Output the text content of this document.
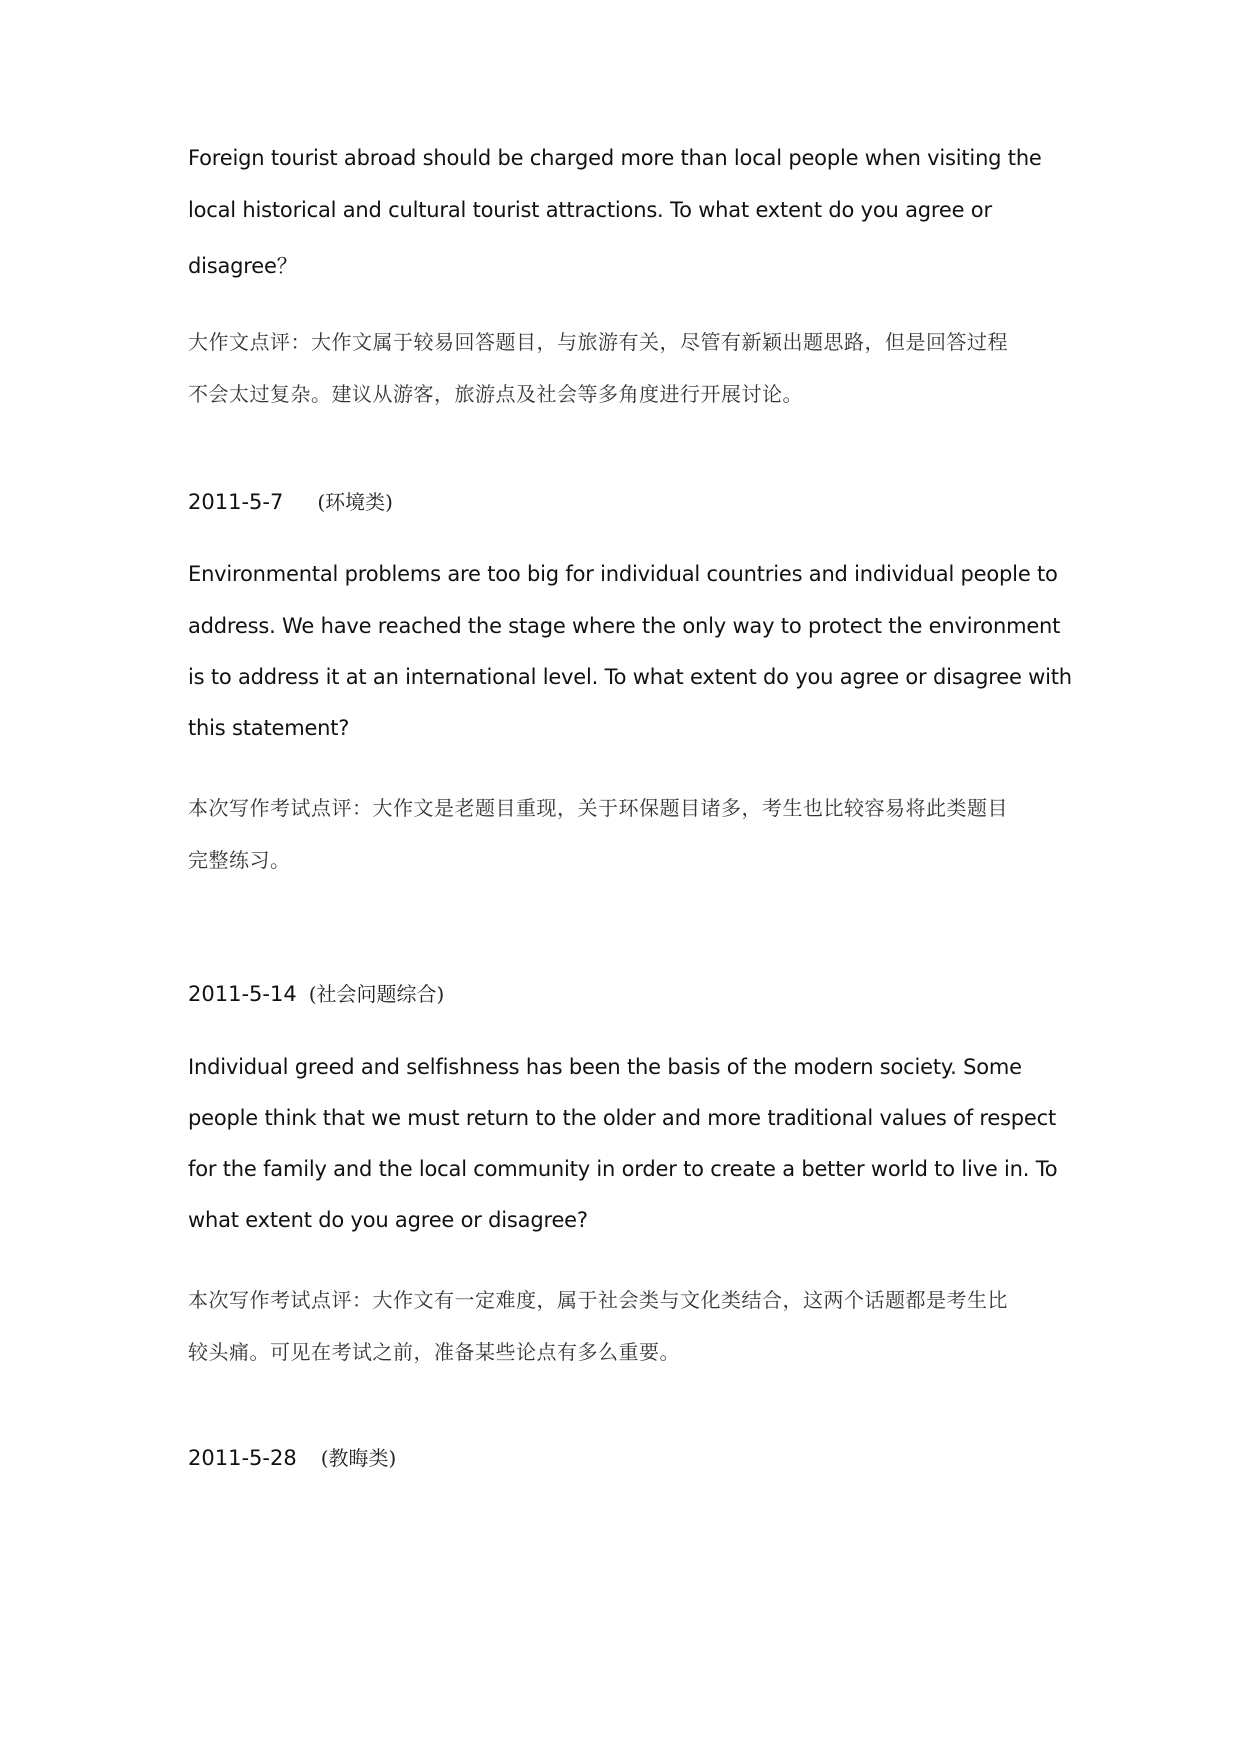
Foreign tourist abroad should be charged more than local people when visiting the
local historical and cultural tourist attractions. To what extent do you agree or
disagree？
大作文点评：大作文属于较易回答题目，与旅游有关，尽管有新颖出题思路，但是回答过程
不会太过复杂。建议从游客，旅游点及社会等多角度进行开展讨论。
2011-5-7 (环境类)
Environmental problems are too big for individual countries and individual people to
address. We have reached the stage where the only way to protect the environment
is to address it at an international level. To what extent do you agree or disagree with
this statement?
本次写作考试点评：大作文是老题目重现，关于环保题目诸多，考生也比较容易将此类题目
完整练习。
2011-5-14 (社会问题综合)
Individual greed and selfishness has been the basis of the modern society. Some
people think that we must return to the older and more traditional values of respect
for the family and the local community in order to create a better world to live in. To
what extent do you agree or disagree?
本次写作考试点评：大作文有一定难度，属于社会类与文化类结合，这两个话题都是考生比
较头痛。可见在考试之前，准备某些论点有多么重要。
2011-5-28 (教晦类)
